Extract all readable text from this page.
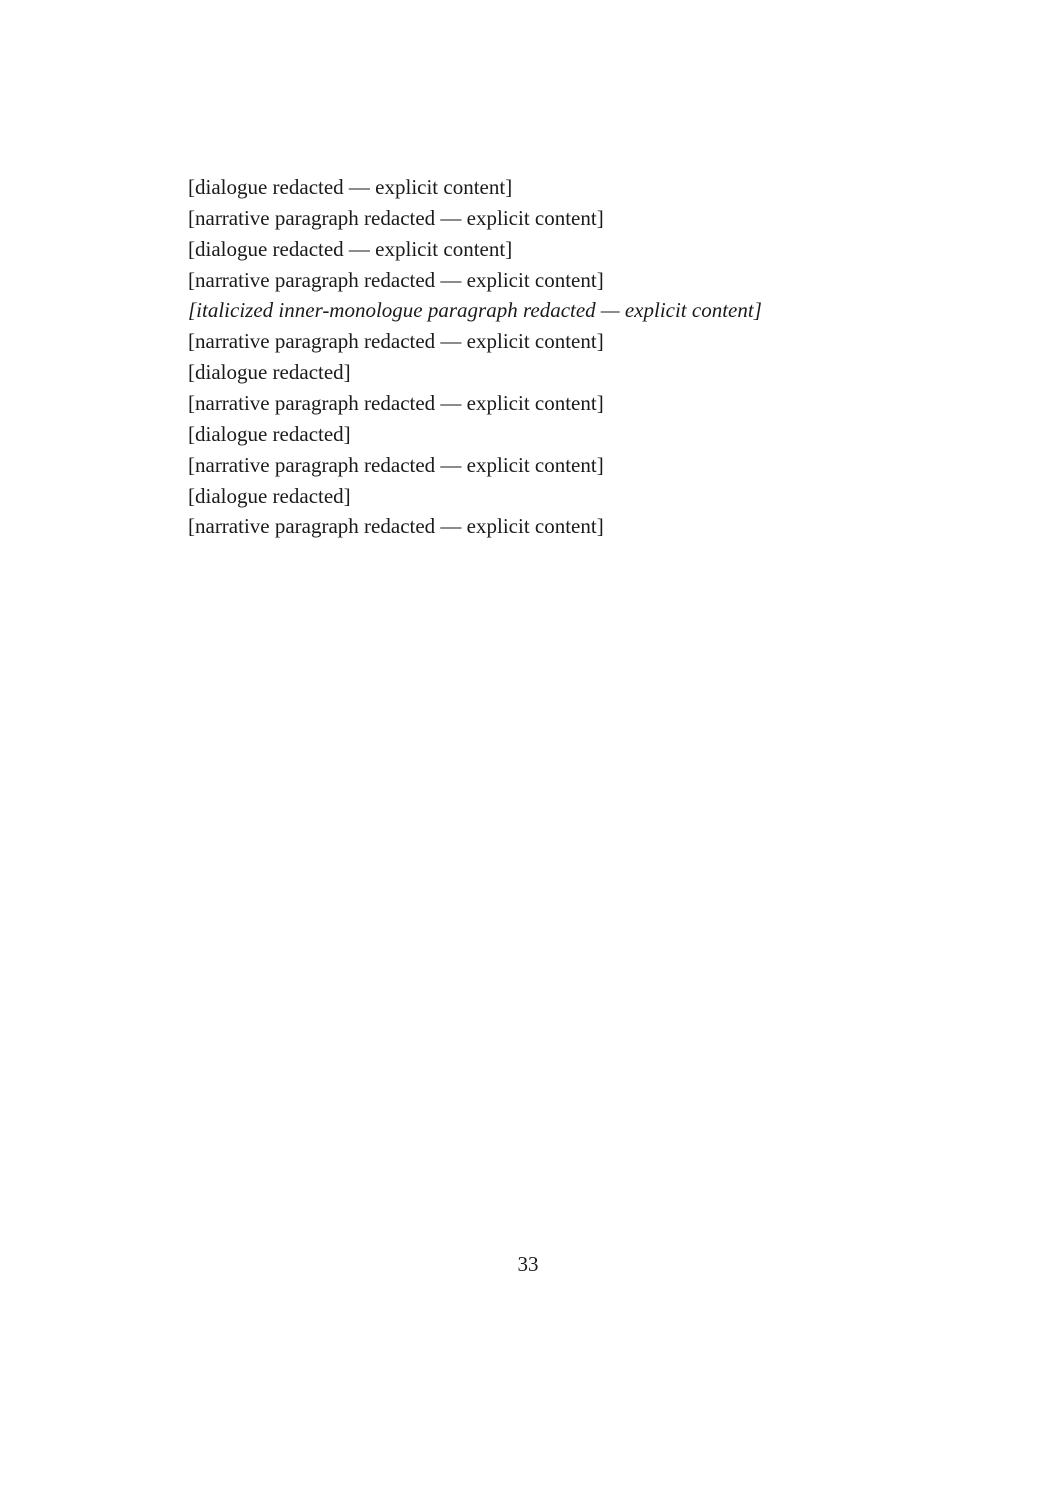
[dialogue redacted — explicit content]

[narrative paragraph redacted — explicit content]

[dialogue redacted — explicit content]

[narrative paragraph redacted — explicit content]

[italicized inner-monologue paragraph redacted — explicit content]

[narrative paragraph redacted — explicit content]

[dialogue redacted]

[narrative paragraph redacted — explicit content]

[dialogue redacted]

[narrative paragraph redacted — explicit content]

[dialogue redacted]

[narrative paragraph redacted — explicit content]

33
